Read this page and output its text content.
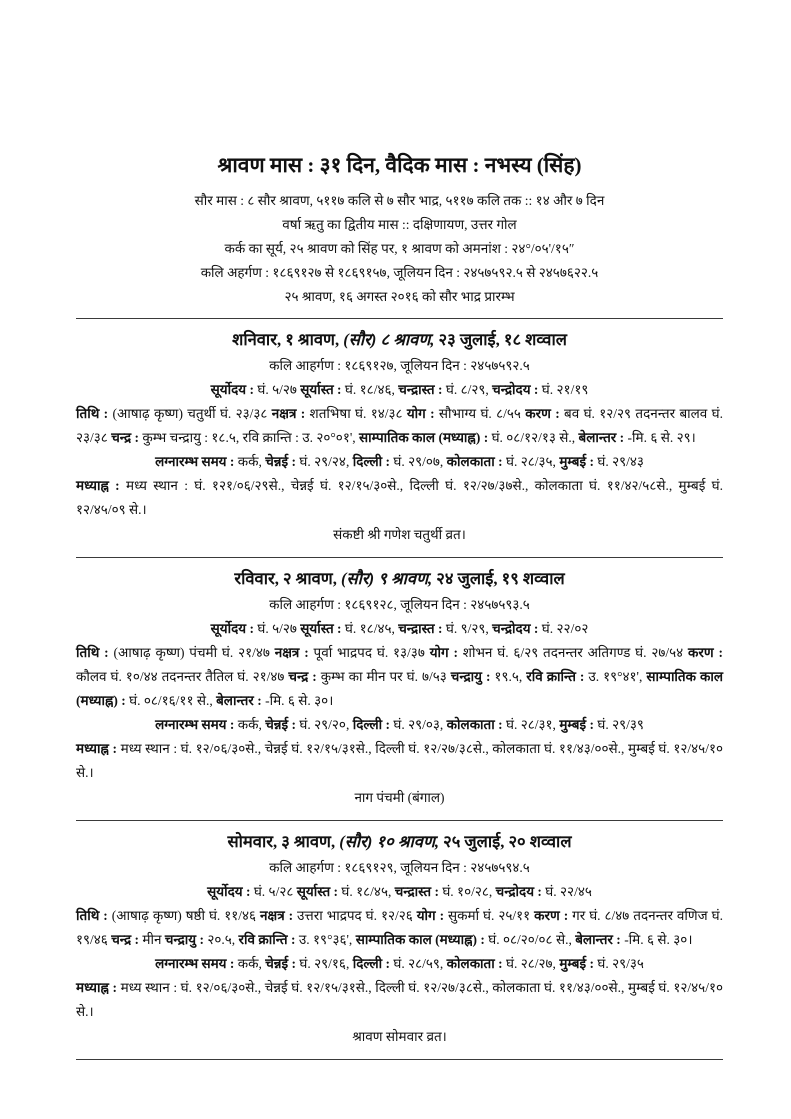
श्रावण मास : ३१ दिन, वैदिक मास : नभस्य (सिंह)
सौर मास : ८ सौर श्रावण, ५११७ कलि से ७ सौर भाद्र, ५११७ कलि तक :: १४ और ७ दिन
वर्षा ऋतु का द्वितीय मास :: दक्षिणायण, उत्तर गोल
कर्क का सूर्य, २५ श्रावण को सिंह पर, १ श्रावण को अमनांश : २४°/०५'/१५″
कलि अहर्गण : १८६९१२७ से १८६९१५७, जूलियन दिन : २४५७५९२.५ से २४५७६२२.५
२५ श्रावण, १६ अगस्त २०१६ को सौर भाद्र प्रारम्भ
शनिवार, १ श्रावण, (सौर) ८ श्रावण, २३ जुलाई, १८ शव्वाल
कलि आहर्गण : १८६९१२७, जूलियन दिन : २४५७५९२.५
सूर्योदय : घं. ५/२७ सूर्यास्त : घं. १८/४६, चन्द्रास्त : घं. ८/२९, चन्द्रोदय : घं. २१/१९
तिथि : (आषाढ़ कृष्ण) चतुर्थी घं. २३/३८ नक्षत्र : शतभिषा घं. १४/३८ योग : सौभाग्य घं. ८/५५ करण : बव घं. १२/२९ तदनन्तर बालव घं. २३/३८ चन्द्र : कुम्भ चन्द्रायु : १८.५, रवि क्रान्ति : उ. २०°०१', साम्पातिक काल (मध्याह्न) : घं. ०८/१२/१३ से., बेलान्तर : -मि. ६ से. २९।
लग्नारम्भ समय : कर्क, चेन्नई : घं. २९/२४, दिल्ली : घं. २९/०७, कोलकाता : घं. २८/३५, मुम्बई : घं. २९/४३
मध्याह्न : मध्य स्थान : घं. १२१/०६/२९से., चेन्नई घं. १२/१५/३०से., दिल्ली घं. १२/२७/३७से., कोलकाता घं. ११/४२/५८से., मुम्बई घं. १२/४५/०९ से.।
संकष्टी श्री गणेश चतुर्थी व्रत।
रविवार, २ श्रावण, (सौर) ९ श्रावण, २४ जुलाई, १९ शव्वाल
कलि आहर्गण : १८६९१२८, जूलियन दिन : २४५७५९३.५
सूर्योदय : घं. ५/२७ सूर्यास्त : घं. १८/४५, चन्द्रास्त : घं. ९/२९, चन्द्रोदय : घं. २२/०२
तिथि : (आषाढ़ कृष्ण) पंचमी घं. २१/४७ नक्षत्र : पूर्वा भाद्रपद घं. १३/३७ योग : शोभन घं. ६/२९ तदनन्तर अतिगण्ड घं. २७/५४ करण : कौलव घं. १०/४४ तदनन्तर तैतिल घं. २१/४७ चन्द्र : कुम्भ का मीन पर घं. ७/५३ चन्द्रायु : १९.५, रवि क्रान्ति : उ. १९°४१', साम्पातिक काल (मध्याह्न) : घं. ०८/१६/११ से., बेलान्तर : -मि. ६ से. ३०।
लग्नारम्भ समय : कर्क, चेन्नई : घं. २९/२०, दिल्ली : घं. २९/०३, कोलकाता : घं. २८/३१, मुम्बई : घं. २९/३९
मध्याह्न : मध्य स्थान : घं. १२/०६/३०से., चेन्नई घं. १२/१५/३१से., दिल्ली घं. १२/२७/३८से., कोलकाता घं. ११/४३/००से., मुम्बई घं. १२/४५/१० से.।
नाग पंचमी (बंगाल)
सोमवार, ३ श्रावण, (सौर) १० श्रावण, २५ जुलाई, २० शव्वाल
कलि आहर्गण : १८६९१२९, जूलियन दिन : २४५७५९४.५
सूर्योदय : घं. ५/२८ सूर्यास्त : घं. १८/४५, चन्द्रास्त : घं. १०/२८, चन्द्रोदय : घं. २२/४५
तिथि : (आषाढ़ कृष्ण) षष्ठी घं. ११/४६ नक्षत्र : उत्तरा भाद्रपद घं. १२/२६ योग : सुकर्मा घं. २५/११ करण : गर घं. ८/४७ तदनन्तर वणिज घं. १९/४६ चन्द्र : मीन चन्द्रायु : २०.५, रवि क्रान्ति : उ. १९°३६', साम्पातिक काल (मध्याह्न) : घं. ०८/२०/०८ से., बेलान्तर : -मि. ६ से. ३०।
लग्नारम्भ समय : कर्क, चेन्नई : घं. २९/१६, दिल्ली : घं. २८/५९, कोलकाता : घं. २८/२७, मुम्बई : घं. २९/३५
मध्याह्न : मध्य स्थान : घं. १२/०६/३०से., चेन्नई घं. १२/१५/३१से., दिल्ली घं. १२/२७/३८से., कोलकाता घं. ११/४३/००से., मुम्बई घं. १२/४५/१० से.।
श्रावण सोमवार व्रत।
